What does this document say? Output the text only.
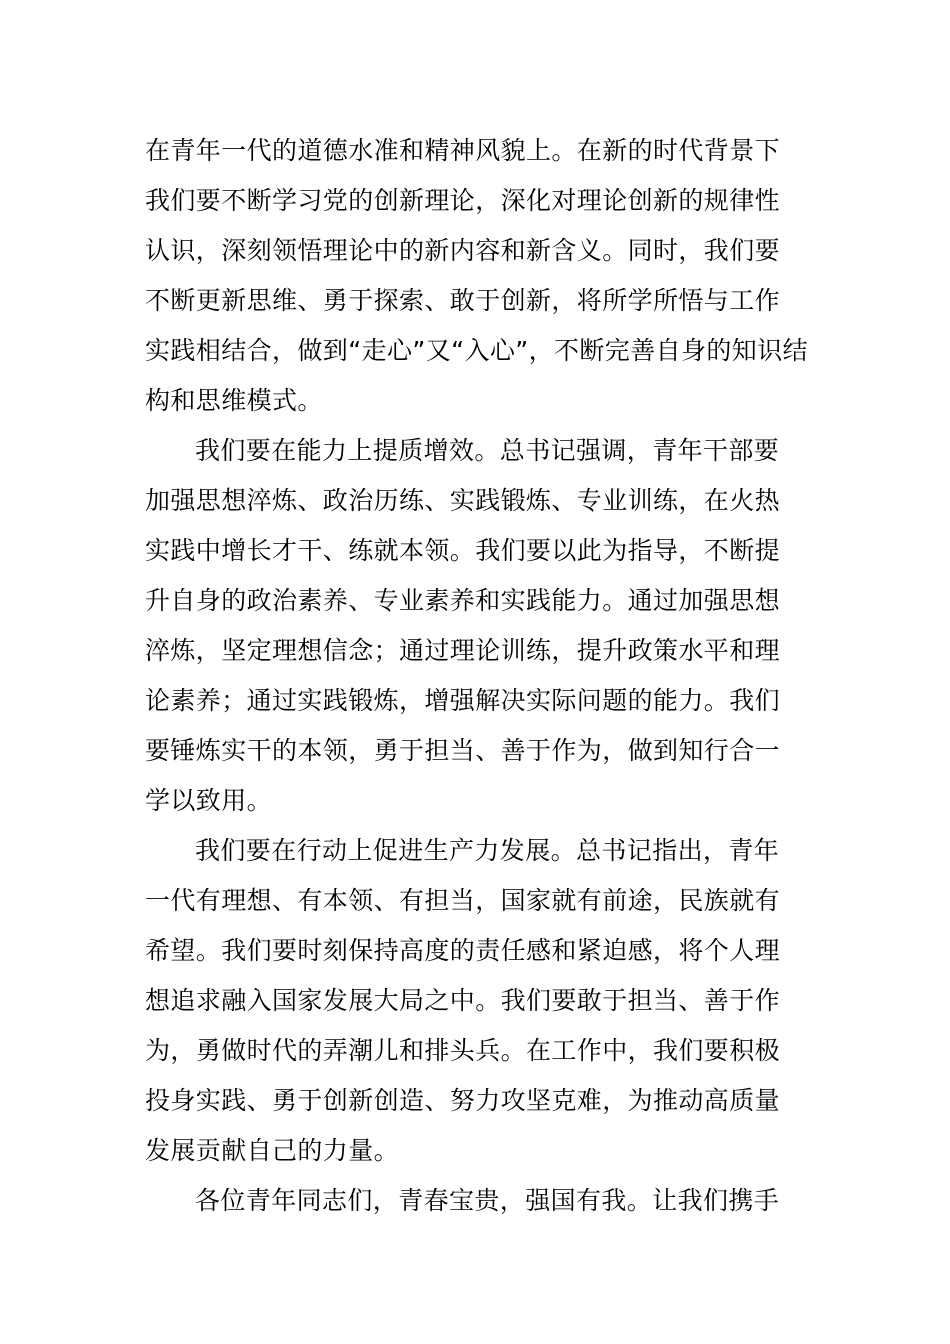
在青年一代的道德水准和精神风貌上。在新的时代背景下
我们要不断学习党的创新理论，深化对理论创新的规律性
认识，深刻领悟理论中的新内容和新含义。同时，我们要
不断更新思维、勇于探索、敢于创新，将所学所悟与工作
实践相结合，做到“走心”又“入心”，不断完善自身的知识结
构和思维模式。
我们要在能力上提质增效。总书记强调，青年干部要
加强思想淬炼、政治历练、实践锻炼、专业训练，在火热
实践中增长才干、练就本领。我们要以此为指导，不断提
升自身的政治素养、专业素养和实践能力。通过加强思想
淬炼，坚定理想信念；通过理论训练，提升政策水平和理
论素养；通过实践锻炼，增强解决实际问题的能力。我们
要锤炼实干的本领，勇于担当、善于作为，做到知行合一
学以致用。
我们要在行动上促进生产力发展。总书记指出，青年
一代有理想、有本领、有担当，国家就有前途，民族就有
希望。我们要时刻保持高度的责任感和紧迫感，将个人理
想追求融入国家发展大局之中。我们要敢于担当、善于作
为，勇做时代的弄潮儿和排头兵。在工作中，我们要积极
投身实践、勇于创新创造、努力攻坚克难，为推动高质量
发展贡献自己的力量。
各位青年同志们，青春宝贵，强国有我。让我们携手
